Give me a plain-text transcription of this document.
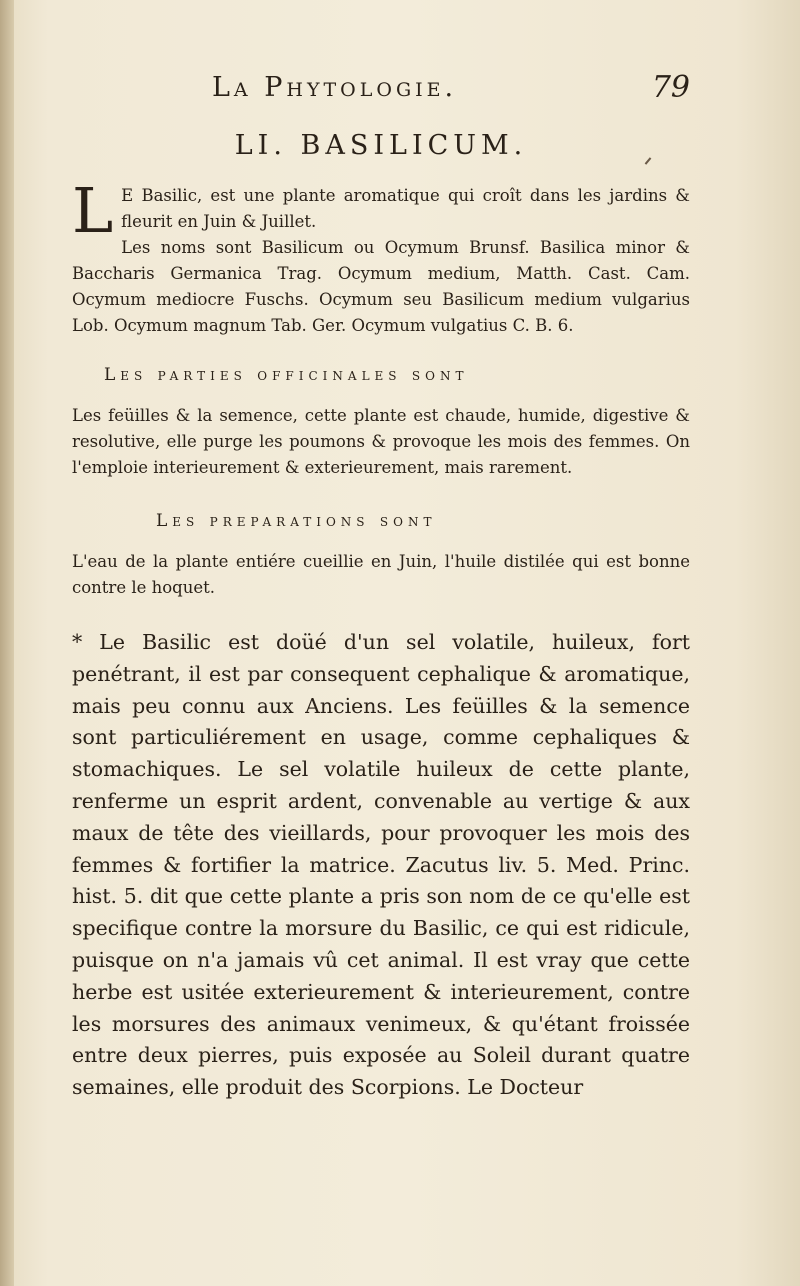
La Phytologie.	79
LI. BASILICUM.

L E Basilic, est une plante aromatique qui croît dans les jardins & fleurit en Juin & Juillet.

Les noms sont Basilicum ou Ocymum Brunsf. Basilica minor & Baccharis Germanica Trag. Ocymum medium, Matth. Cast. Cam. Ocymum mediocre Fuschs. Ocymum seu Basilicum medium vulgarius Lob. Ocymum magnum Tab. Ger. Ocymum vulgatius C. B. 6.

Les parties officinales sont

Les feüilles & la semence, cette plante est chaude, humide, digestive & resolutive, elle purge les poumons & provoque les mois des femmes. On l'emploie interieurement & exterieurement, mais rarement.

Les preparations sont

L'eau de la plante entiére cueillie en Juin, l'huile distilée qui est bonne contre le hoquet.

* Le Basilic est doüé d'un sel volatile, huileux, fort penétrant, il est par consequent cephalique & aromatique, mais peu connu aux Anciens. Les feüilles & la semence sont particuliérement en usage, comme cephaliques & stomachiques. Le sel volatile huileux de cette plante, renferme un esprit ardent, convenable au vertige & aux maux de tête des vieillards, pour provoquer les mois des femmes & fortifier la matrice. Zacutus liv. 5. Med. Princ. hist. 5. dit que cette plante a pris son nom de ce qu'elle est specifique contre la morsure du Basilic, ce qui est ridicule, puisque on n'a jamais vû cet animal. Il est vray que cette herbe est usitée exterieurement & interieurement, contre les morsures des animaux venimeux, & qu'étant froissée entre deux pierres, puis exposée au Soleil durant quatre semaines, elle produit des Scorpions. Le Docteur
